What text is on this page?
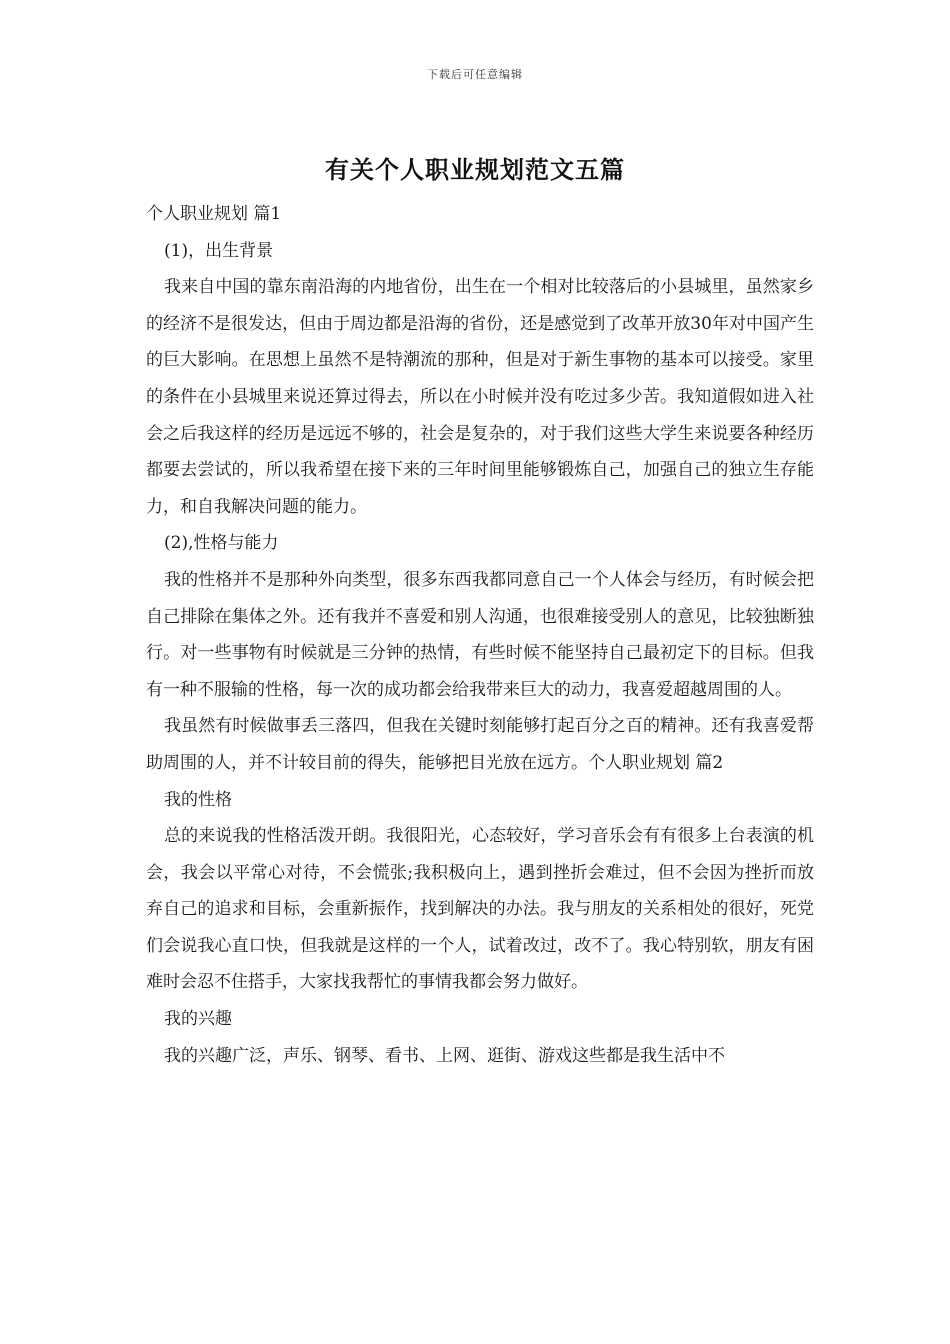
下载后可任意编辑
有关个人职业规划范文五篇

个人职业规划 篇1

(1)，出生背景

我来自中国的靠东南沿海的内地省份，出生在一个相对比较落后的小县城里，虽然家乡的经济不是很发达，但由于周边都是沿海的省份，还是感觉到了改革开放30年对中国产生的巨大影响。在思想上虽然不是特潮流的那种，但是对于新生事物的基本可以接受。家里的条件在小县城里来说还算过得去，所以在小时候并没有吃过多少苦。我知道假如进入社会之后我这样的经历是远远不够的，社会是复杂的，对于我们这些大学生来说要各种经历都要去尝试的，所以我希望在接下来的三年时间里能够锻炼自己，加强自己的独立生存能力，和自我解决问题的能力。

(2),性格与能力

我的性格并不是那种外向类型，很多东西我都同意自己一个人体会与经历，有时候会把自己排除在集体之外。还有我并不喜爱和别人沟通，也很难接受别人的意见，比较独断独行。对一些事物有时候就是三分钟的热情，有些时候不能坚持自己最初定下的目标。但我有一种不服输的性格，每一次的成功都会给我带来巨大的动力，我喜爱超越周围的人。

我虽然有时候做事丢三落四，但我在关键时刻能够打起百分之百的精神。还有我喜爱帮助周围的人，并不计较目前的得失，能够把目光放在远方。个人职业规划 篇2

我的性格

总的来说我的性格活泼开朗。我很阳光，心态较好，学习音乐会有有很多上台表演的机会，我会以平常心对待，不会慌张;我积极向上，遇到挫折会难过，但不会因为挫折而放弃自己的追求和目标，会重新振作，找到解决的办法。我与朋友的关系相处的很好，死党们会说我心直口快，但我就是这样的一个人，试着改过，改不了。我心特别软，朋友有困难时会忍不住搭手，大家找我帮忙的事情我都会努力做好。

我的兴趣

我的兴趣广泛，声乐、钢琴、看书、上网、逛街、游戏这些都是我生活中不
